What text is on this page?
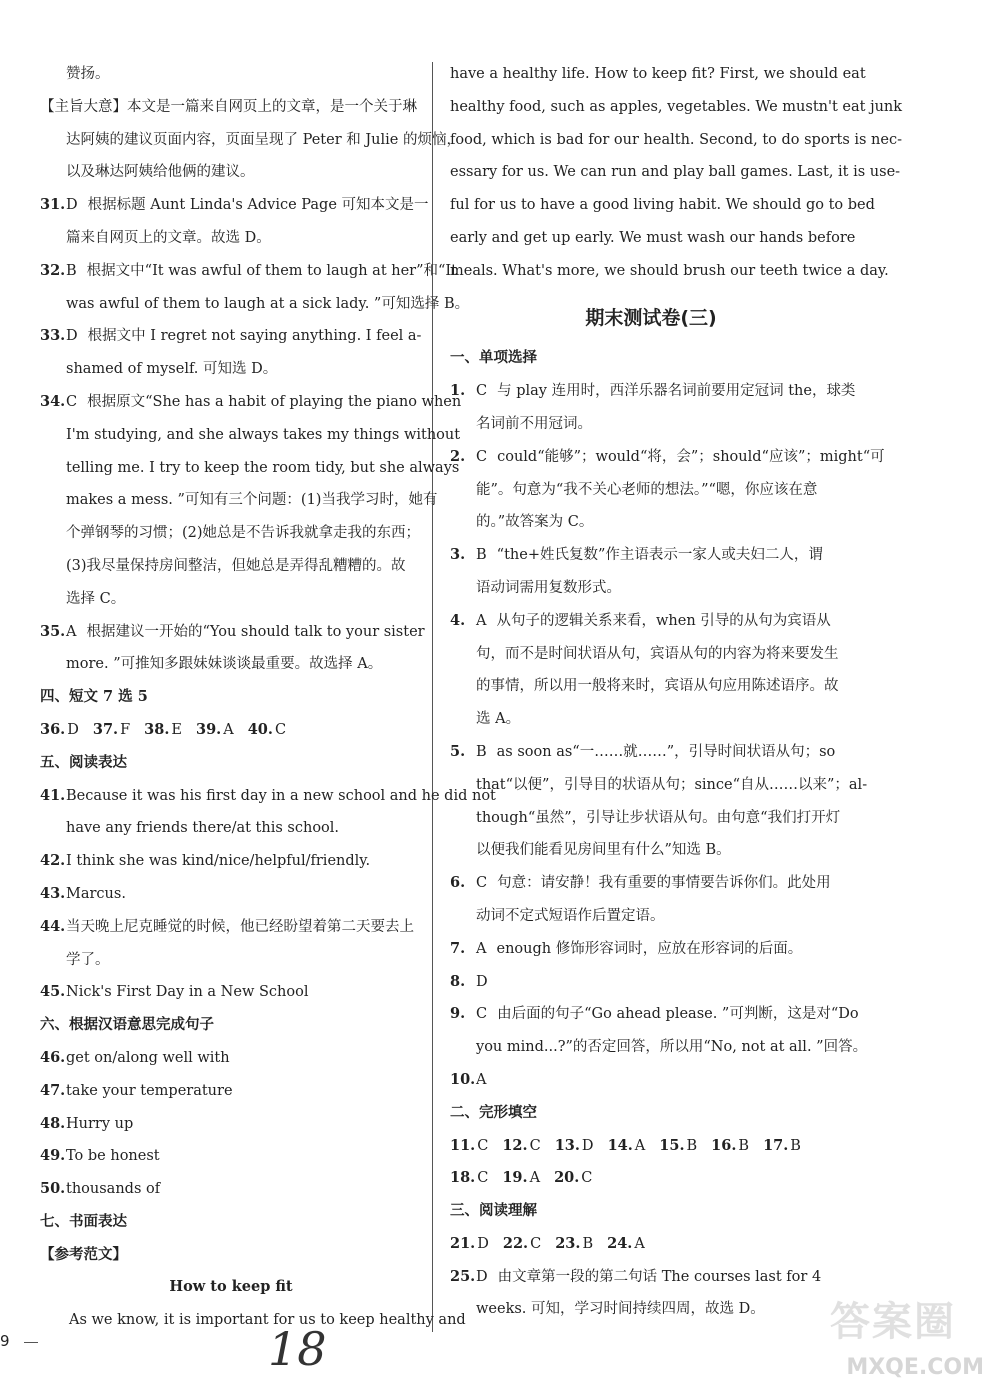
赞扬。
【主旨大意】本文是一篇来自网页上的文章，是一个关于琳
达阿姨的建议页面内容，页面呈现了 Peter 和 Julie 的烦恼，
以及琳达阿姨给他俩的建议。
31. D 根据标题 Aunt Linda's Advice Page 可知本文是一
篇来自网页上的文章。故选 D。
32. B 根据文中“It was awful of them to laugh at her”和“It
was awful of them to laugh at a sick lady. ”可知选择 B。
33. D 根据文中 I regret not saying anything. I feel a-
shamed of myself. 可知选 D。
34. C 根据原文“She has a habit of playing the piano when
I'm studying, and she always takes my things without
telling me. I try to keep the room tidy, but she always
makes a mess. ”可知有三个问题：(1)当我学习时，她有
个弹钢琴的习惯；(2)她总是不告诉我就拿走我的东西；
(3)我尽量保持房间整洁，但她总是弄得乱糟糟的。故
选择 C。
35. A 根据建议一开始的“You should talk to your sister
more. ”可推知多跟妹妹谈谈最重要。故选择 A。
四、短文 7 选 5
36. D 37. F 38. E 39. A 40. C
五、阅读表达
41. Because it was his first day in a new school and he did not
have any friends there/at this school.
42. I think she was kind/nice/helpful/friendly.
43. Marcus.
44. 当天晚上尼克睡觉的时候，他已经盼望着第二天要去上
学了。
45. Nick's First Day in a New School
六、根据汉语意思完成句子
46. get on/along well with
47. take your temperature
48. Hurry up
49. To be honest
50. thousands of
七、书面表达
【参考范文】
How to keep fit
As we know, it is important for us to keep healthy and
have a healthy life. How to keep fit? First, we should eat
healthy food, such as apples, vegetables. We mustn't eat junk
food, which is bad for our health. Second, to do sports is nec-
essary for us. We can run and play ball games. Last, it is use-
ful for us to have a good living habit. We should go to bed
early and get up early. We must wash our hands before
meals. What's more, we should brush our teeth twice a day.
期末测试卷(三)
一、单项选择
1. C 与 play 连用时，西洋乐器名词前要用定冠词 the，球类
名词前不用冠词。
2. C could“能够”；would“将，会”；should“应该”；might“可
能”。句意为“我不关心老师的想法。”“嗯，你应该在意
的。”故答案为 C。
3. B “the+姓氏复数”作主语表示一家人或夫妇二人，谓
语动词需用复数形式。
4. A 从句子的逻辑关系来看，when 引导的从句为宾语从
句，而不是时间状语从句，宾语从句的内容为将来要发生
的事情，所以用一般将来时，宾语从句应用陈述语序。故
选 A。
5. B as soon as“一……就……”，引导时间状语从句；so
that“以便”，引导目的状语从句；since“自从……以来”；al-
though“虽然”，引导让步状语从句。由句意“我们打开灯
以便我们能看见房间里有什么”知选 B。
6. C 句意：请安静！我有重要的事情要告诉你们。此处用
动词不定式短语作后置定语。
7. A enough 修饰形容词时，应放在形容词的后面。
8. D
9. C 由后面的句子“Go ahead please. ”可判断，这是对“Do
you mind...?”的否定回答，所以用“No, not at all. ”回答。
10. A
二、完形填空
11. C 12. C 13. D 14. A 15. B 16. B 17. B
18. C 19. A 20. C
三、阅读理解
21. D 22. C 23. B 24. A
25. D 由文章第一段的第二句话 The courses last for 4
weeks. 可知，学习时间持续四周，故选 D。
9	18	答案圈
MXQE.COM
